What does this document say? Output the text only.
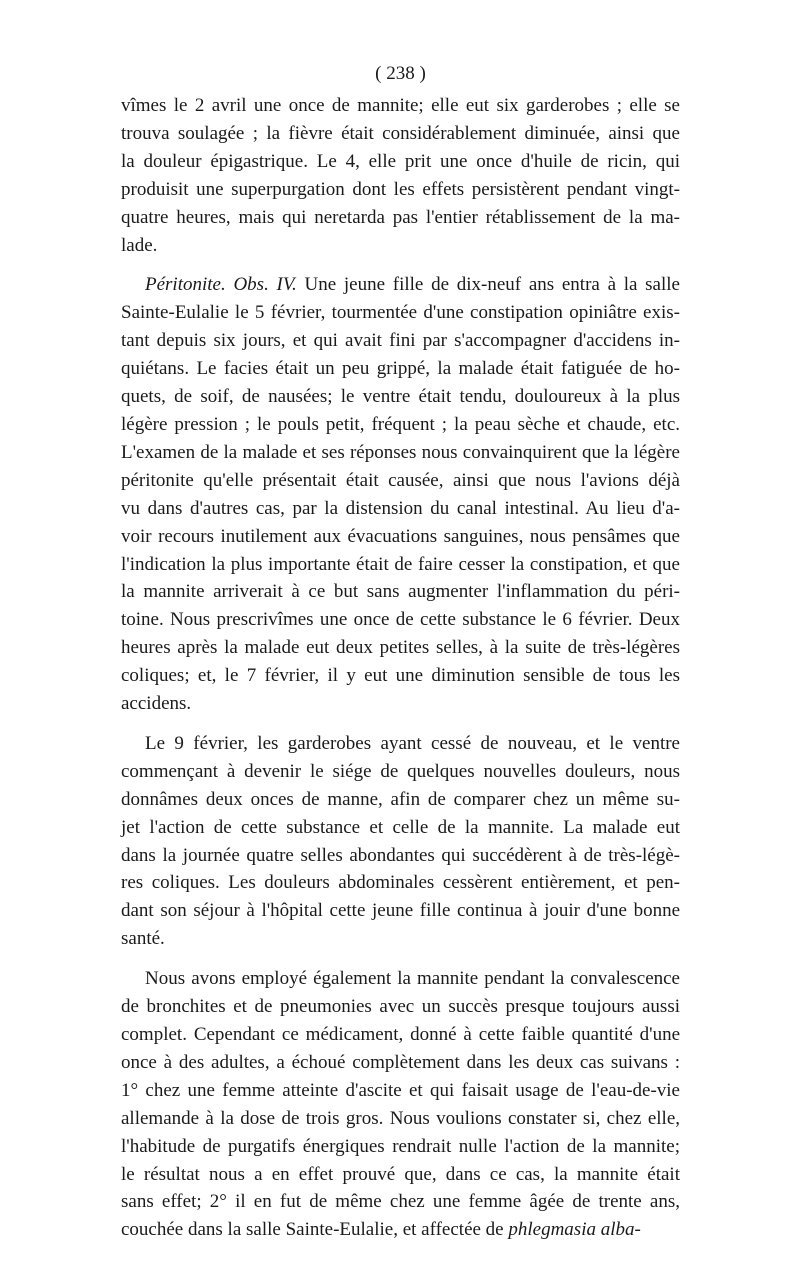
( 238 )

vîmes le 2 avril une once de mannite; elle eut six garderobes ; elle se
trouva soulagée ; la fièvre était considérablement diminuée, ainsi que
la douleur épigastrique. Le 4, elle prit une once d'huile de ricin, qui
produisit une superpurgation dont les effets persistèrent pendant vingt-
quatre heures, mais qui neretarda pas l'entier rétablissement de la ma-
lade.
Péritonite. Obs. IV. Une jeune fille de dix-neuf ans entra à la salle
Sainte-Eulalie le 5 février, tourmentée d'une constipation opiniâtre exis-
tant depuis six jours, et qui avait fini par s'accompagner d'accidens in-
quiétans. Le facies était un peu grippé, la malade était fatiguée de ho-
quets, de soif, de nausées; le ventre était tendu, douloureux à la plus
légère pression ; le pouls petit, fréquent ; la peau sèche et chaude, etc.
L'examen de la malade et ses réponses nous convainquirent que la légère
péritonite qu'elle présentait était causée, ainsi que nous l'avions déjà
vu dans d'autres cas, par la distension du canal intestinal. Au lieu d'a-
voir recours inutilement aux évacuations sanguines, nous pensâmes que
l'indication la plus importante était de faire cesser la constipation, et que
la mannite arriverait à ce but sans augmenter l'inflammation du péri-
toine. Nous prescrivîmes une once de cette substance le 6 février. Deux
heures après la malade eut deux petites selles, à la suite de très-légères
coliques; et, le 7 février, il y eut une diminution sensible de tous les
accidens.
Le 9 février, les garderobes ayant cessé de nouveau, et le ventre
commençant à devenir le siége de quelques nouvelles douleurs, nous
donnâmes deux onces de manne, afin de comparer chez un même su-
jet l'action de cette substance et celle de la mannite. La malade eut
dans la journée quatre selles abondantes qui succédèrent à de très-légè-
res coliques. Les douleurs abdominales cessèrent entièrement, et pen-
dant son séjour à l'hôpital cette jeune fille continua à jouir d'une bonne
santé.
Nous avons employé également la mannite pendant la convalescence
de bronchites et de pneumonies avec un succès presque toujours aussi
complet. Cependant ce médicament, donné à cette faible quantité d'une
once à des adultes, a échoué complètement dans les deux cas suivans :
1° chez une femme atteinte d'ascite et qui faisait usage de l'eau-de-vie
allemande à la dose de trois gros. Nous voulions constater si, chez elle,
l'habitude de purgatifs énergiques rendrait nulle l'action de la mannite;
le résultat nous a en effet prouvé que, dans ce cas, la mannite était
sans effet; 2° il en fut de même chez une femme âgée de trente ans,
couchée dans la salle Sainte-Eulalie, et affectée de phlegmasia alba-
